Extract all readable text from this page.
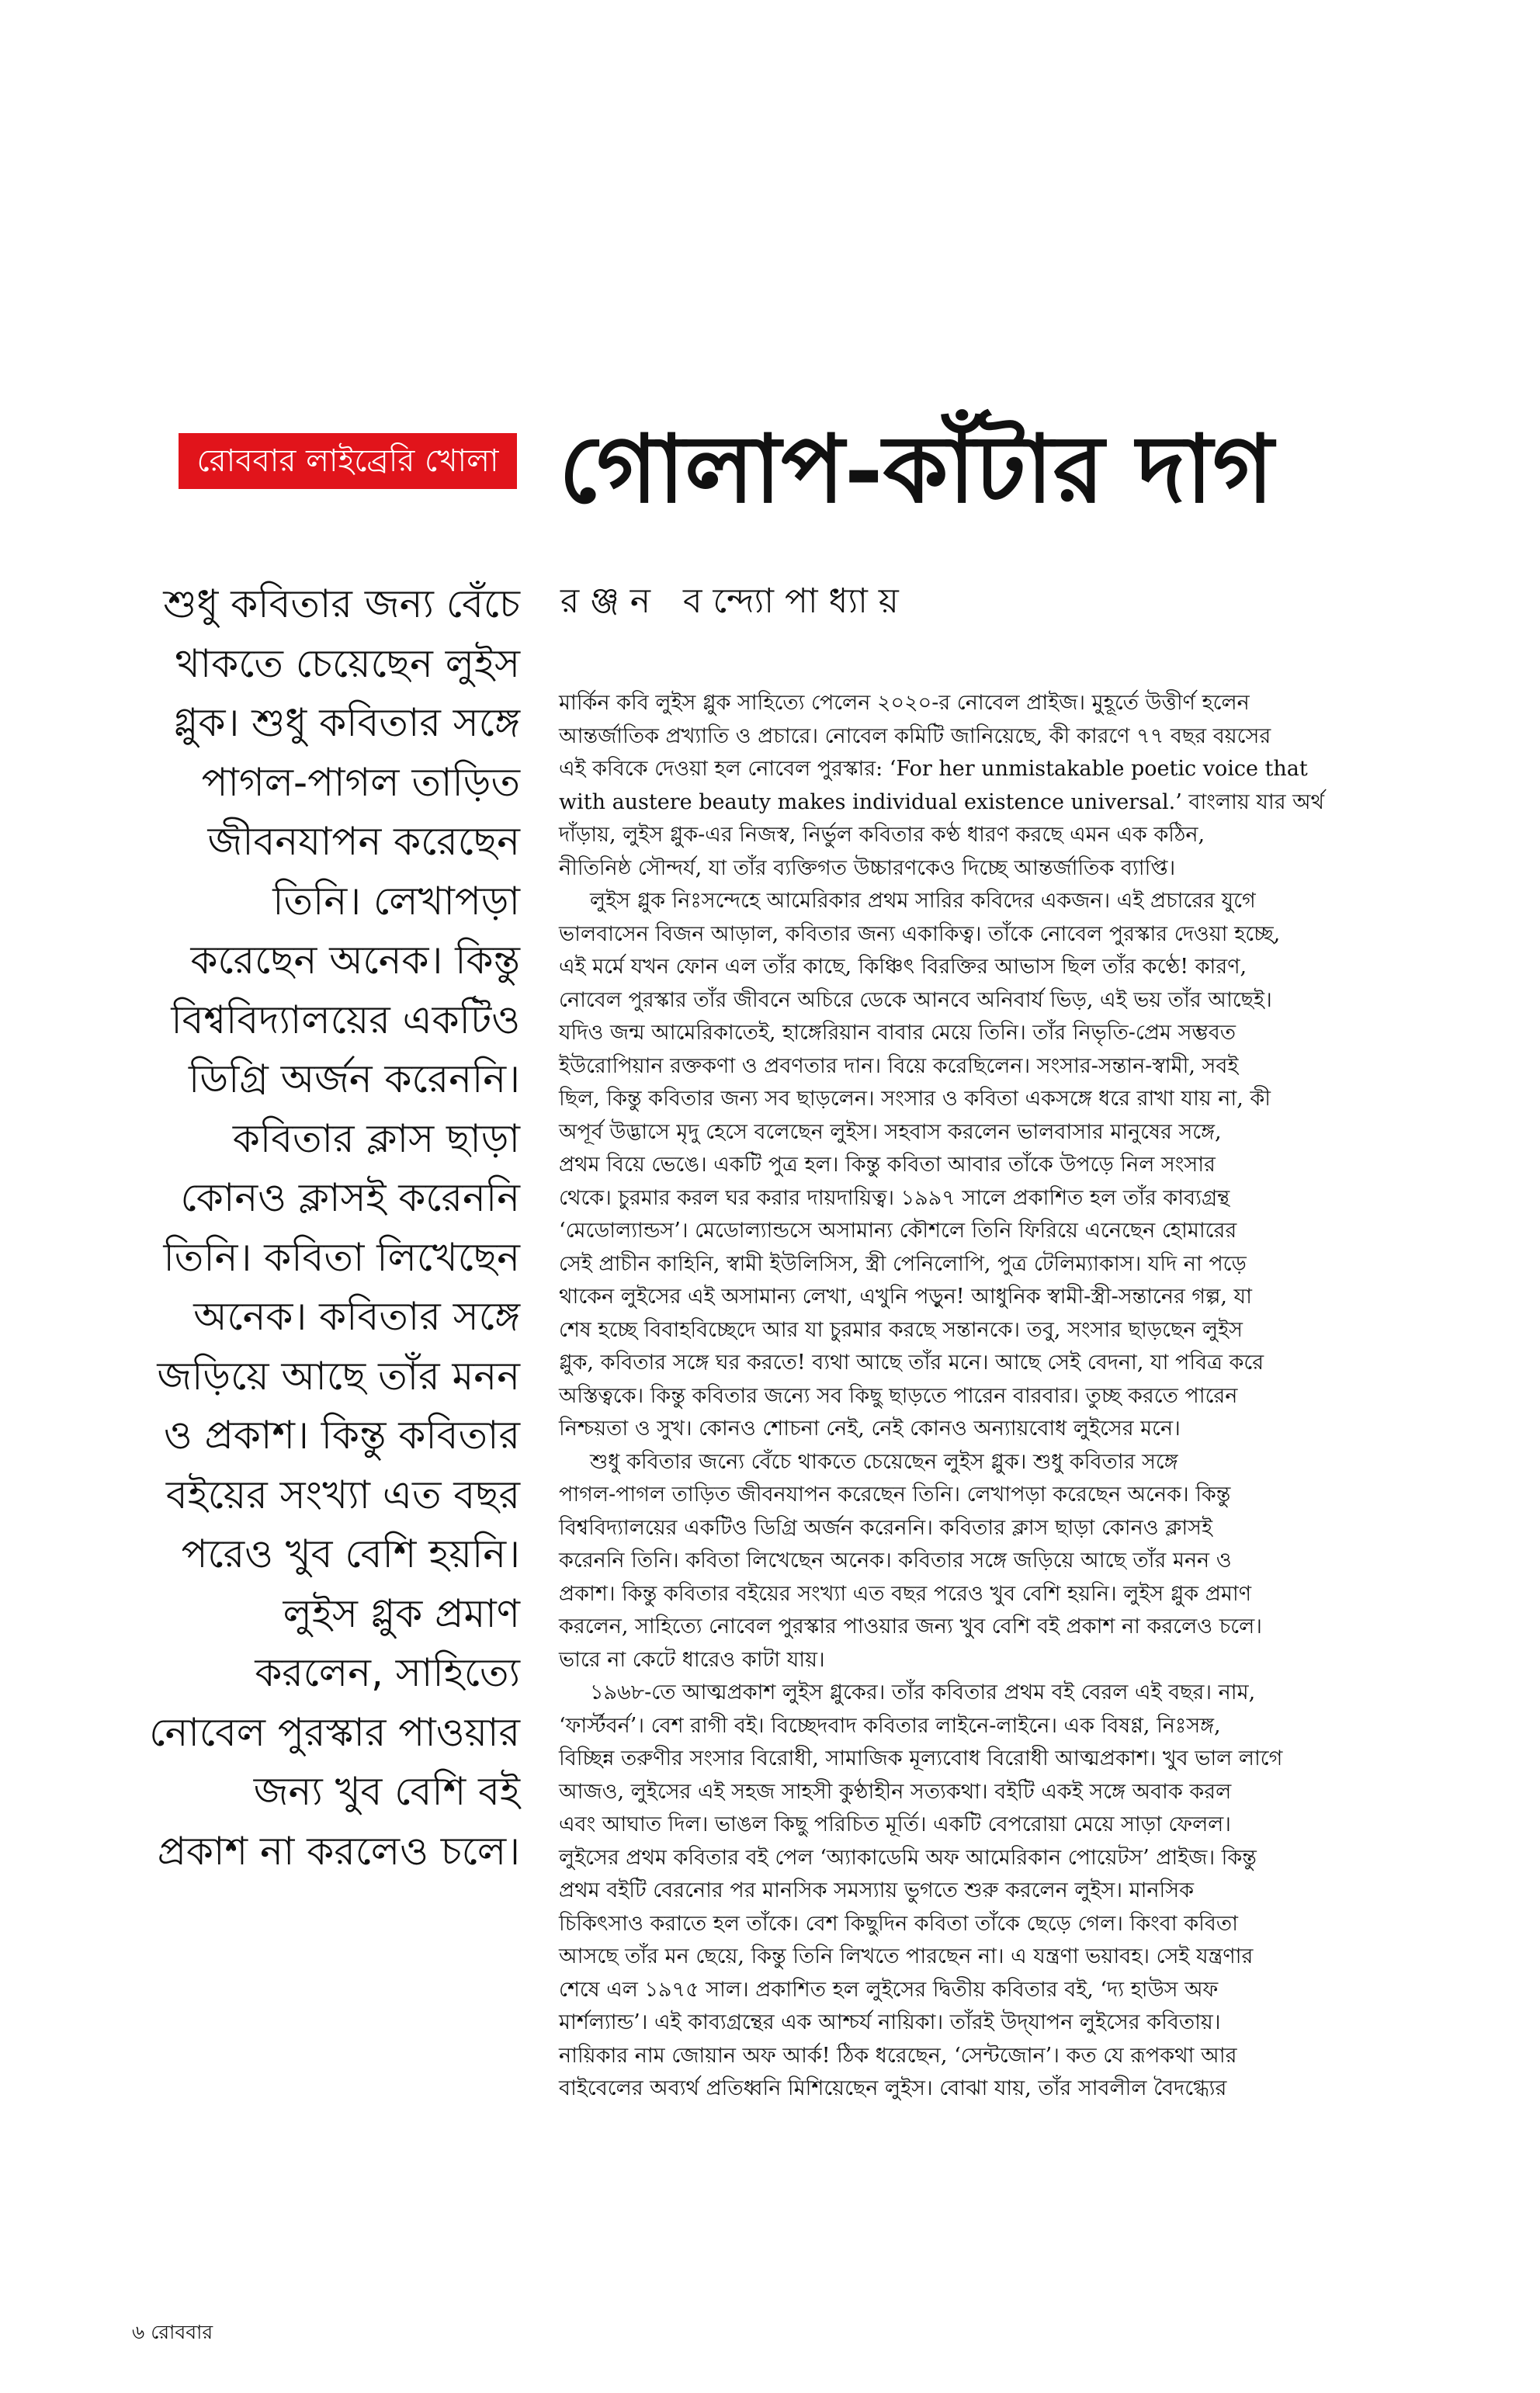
রোববার লাইব্রেরি খোলা গোলাপ-কাঁটার দাগ
রঞ্জন বন্দ্যোপাধ্যায়
শুধু কবিতার জন্য বেঁচে
থাকতে চেয়েছেন লুইস
গ্লুক। শুধু কবিতার সঙ্গে
পাগল-পাগল তাড়িত
জীবনযাপন করেছেন
তিনি। লেখাপড়া
করেছেন অনেক। কিন্তু
বিশ্ববিদ্যালয়ের একটিও
ডিগ্রি অর্জন করেননি।
কবিতার ক্লাস ছাড়া
কোনও ক্লাসই করেননি
তিনি। কবিতা লিখেছেন
অনেক। কবিতার সঙ্গে
জড়িয়ে আছে তাঁর মনন
ও প্রকাশ। কিন্তু কবিতার
বইয়ের সংখ্যা এত বছর
পরেও খুব বেশি হয়নি।
লুইস গ্লুক প্রমাণ
করলেন, সাহিত্যে
নোবেল পুরস্কার পাওয়ার
জন্য খুব বেশি বই
প্রকাশ না করলেও চলে।
মার্কিন কবি লুইস গ্লুক সাহিত্যে পেলেন ২০২০-র নোবেল প্রাইজ। মুহূর্তে উত্তীর্ণ হলেন
আন্তর্জাতিক প্রখ্যাতি ও প্রচারে। নোবেল কমিটি জানিয়েছে, কী কারণে ৭৭ বছর বয়সের
এই কবিকে দেওয়া হল নোবেল পুরস্কার: ‘For her unmistakable poetic voice that
with austere beauty makes individual existence universal.’ বাংলায় যার অর্থ
দাঁড়ায়, লুইস গ্লুক-এর নিজস্ব, নির্ভুল কবিতার কণ্ঠ ধারণ করছে এমন এক কঠিন,
নীতিনিষ্ঠ সৌন্দর্য, যা তাঁর ব্যক্তিগত উচ্চারণকেও দিচ্ছে আন্তর্জাতিক ব্যাপ্তি।
লুইস গ্লুক নিঃসন্দেহে আমেরিকার প্রথম সারির কবিদের একজন। এই প্রচারের যুগে
ভালবাসেন বিজন আড়াল, কবিতার জন্য একাকিত্ব। তাঁকে নোবেল পুরস্কার দেওয়া হচ্ছে,
এই মর্মে যখন ফোন এল তাঁর কাছে, কিঞ্চিৎ বিরক্তির আভাস ছিল তাঁর কণ্ঠে! কারণ,
নোবেল পুরস্কার তাঁর জীবনে অচিরে ডেকে আনবে অনিবার্য ভিড়, এই ভয় তাঁর আছেই।
যদিও জন্ম আমেরিকাতেই, হাঙ্গেরিয়ান বাবার মেয়ে তিনি। তাঁর নিভৃতি-প্রেম সম্ভবত
ইউরোপিয়ান রক্তকণা ও প্রবণতার দান। বিয়ে করেছিলেন। সংসার-সন্তান-স্বামী, সবই
ছিল, কিন্তু কবিতার জন্য সব ছাড়লেন। সংসার ও কবিতা একসঙ্গে ধরে রাখা যায় না, কী
অপূর্ব উদ্ভাসে মৃদু হেসে বলেছেন লুইস। সহবাস করলেন ভালবাসার মানুষের সঙ্গে,
প্রথম বিয়ে ভেঙে। একটি পুত্র হল। কিন্তু কবিতা আবার তাঁকে উপড়ে নিল সংসার
থেকে। চুরমার করল ঘর করার দায়দায়িত্ব। ১৯৯৭ সালে প্রকাশিত হল তাঁর কাব্যগ্রন্থ
‘মেডোল্যান্ডস’। মেডোল্যান্ডসে অসামান্য কৌশলে তিনি ফিরিয়ে এনেছেন হোমারের
সেই প্রাচীন কাহিনি, স্বামী ইউলিসিস, স্ত্রী পেনিলোপি, পুত্র টেলিম্যাকাস। যদি না পড়ে
থাকেন লুইসের এই অসামান্য লেখা, এখুনি পড়ুন! আধুনিক স্বামী-স্ত্রী-সন্তানের গল্প, যা
শেষ হচ্ছে বিবাহবিচ্ছেদে আর যা চুরমার করছে সন্তানকে। তবু, সংসার ছাড়ছেন লুইস
গ্লুক, কবিতার সঙ্গে ঘর করতে! ব্যথা আছে তাঁর মনে। আছে সেই বেদনা, যা পবিত্র করে
অস্তিত্বকে। কিন্তু কবিতার জন্যে সব কিছু ছাড়তে পারেন বারবার। তুচ্ছ করতে পারেন
নিশ্চয়তা ও সুখ। কোনও শোচনা নেই, নেই কোনও অন্যায়বোধ লুইসের মনে।
শুধু কবিতার জন্যে বেঁচে থাকতে চেয়েছেন লুইস গ্লুক। শুধু কবিতার সঙ্গে
পাগল-পাগল তাড়িত জীবনযাপন করেছেন তিনি। লেখাপড়া করেছেন অনেক। কিন্তু
বিশ্ববিদ্যালয়ের একটিও ডিগ্রি অর্জন করেননি। কবিতার ক্লাস ছাড়া কোনও ক্লাসই
করেননি তিনি। কবিতা লিখেছেন অনেক। কবিতার সঙ্গে জড়িয়ে আছে তাঁর মনন ও
প্রকাশ। কিন্তু কবিতার বইয়ের সংখ্যা এত বছর পরেও খুব বেশি হয়নি। লুইস গ্লুক প্রমাণ
করলেন, সাহিত্যে নোবেল পুরস্কার পাওয়ার জন্য খুব বেশি বই প্রকাশ না করলেও চলে।
ভারে না কেটে ধারেও কাটা যায়।
১৯৬৮-তে আত্মপ্রকাশ লুইস গ্লুকের। তাঁর কবিতার প্রথম বই বেরল এই বছর। নাম,
‘ফার্স্টবর্ন’। বেশ রাগী বই। বিচ্ছেদবাদ কবিতার লাইনে-লাইনে। এক বিষণ্ণ, নিঃসঙ্গ,
বিচ্ছিন্ন তরুণীর সংসার বিরোধী, সামাজিক মূল্যবোধ বিরোধী আত্মপ্রকাশ। খুব ভাল লাগে
আজও, লুইসের এই সহজ সাহসী কুণ্ঠাহীন সত্যকথা। বইটি একই সঙ্গে অবাক করল
এবং আঘাত দিল। ভাঙল কিছু পরিচিত মূর্তি। একটি বেপরোয়া মেয়ে সাড়া ফেলল।
লুইসের প্রথম কবিতার বই পেল ‘অ্যাকাডেমি অফ আমেরিকান পোয়েটস’ প্রাইজ। কিন্তু
প্রথম বইটি বেরনোর পর মানসিক সমস্যায় ভুগতে শুরু করলেন লুইস। মানসিক
চিকিৎসাও করাতে হল তাঁকে। বেশ কিছুদিন কবিতা তাঁকে ছেড়ে গেল। কিংবা কবিতা
আসছে তাঁর মন ছেয়ে, কিন্তু তিনি লিখতে পারছেন না। এ যন্ত্রণা ভয়াবহ। সেই যন্ত্রণার
শেষে এল ১৯৭৫ সাল। প্রকাশিত হল লুইসের দ্বিতীয় কবিতার বই, ‘দ্য হাউস অফ
মার্শল্যান্ড’। এই কাব্যগ্রন্থের এক আশ্চর্য নায়িকা। তাঁরই উদ্‌যাপন লুইসের কবিতায়।
নায়িকার নাম জোয়ান অফ আর্ক! ঠিক ধরেছেন, ‘সেন্টজোন’। কত যে রূপকথা আর
বাইবেলের অব্যর্থ প্রতিধ্বনি মিশিয়েছেন লুইস। বোঝা যায়, তাঁর সাবলীল বৈদগ্ধ্যের
৬ রোববার
